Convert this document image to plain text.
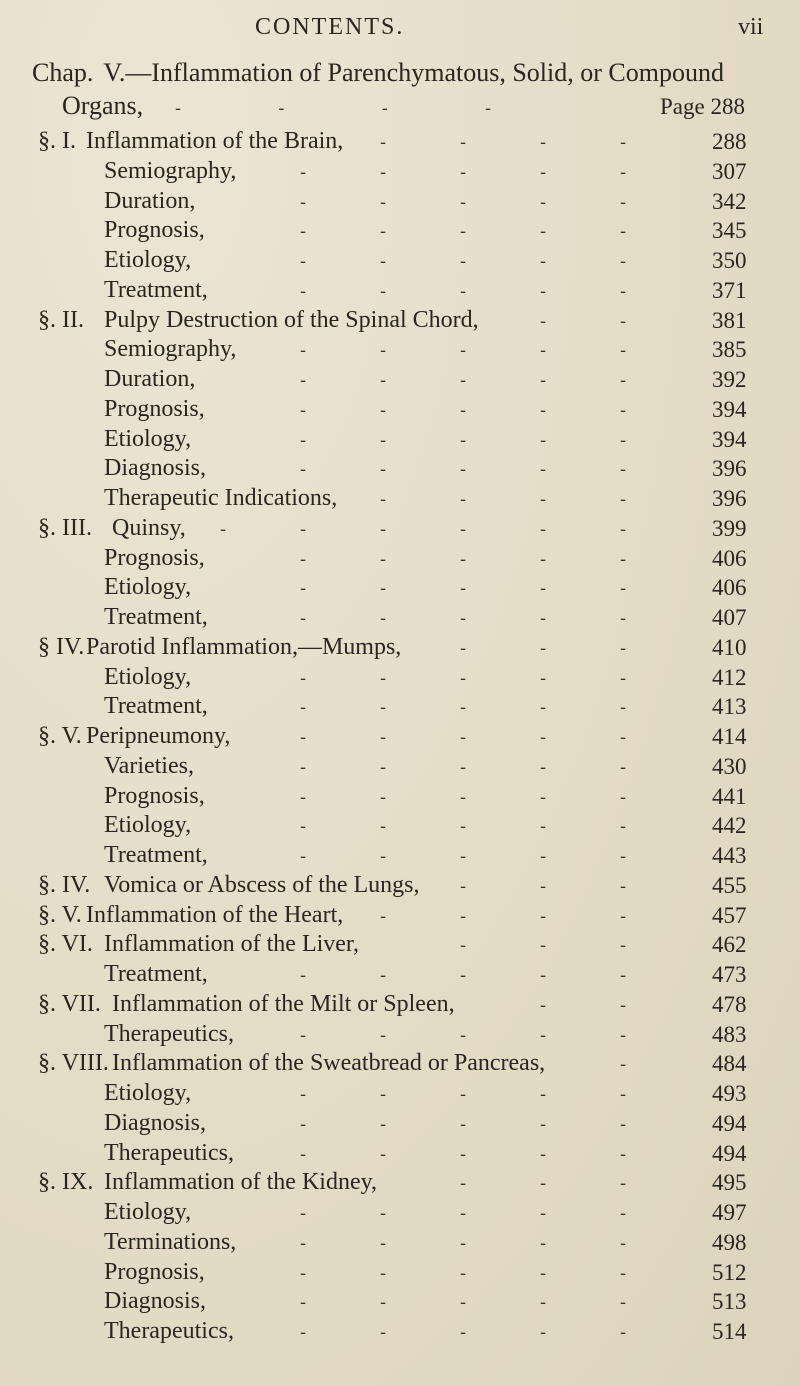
CONTENTS.	vii
Chap. V.—Inflammation of Parenchymatous, Solid, or Compound
Organs, -                 -                 -                 -	Page 288
§. I. Inflammation of the Brain,	288
Semiography,	307
Duration,	342
Prognosis,	345
Etiology,	350
Treatment,	371
§. II. Pulpy Destruction of the Spinal Chord,	381
Semiography,	385
Duration,	392
Prognosis,	394
Etiology,	394
Diagnosis,	396
Therapeutic Indications,	396
§. III. Quinsy,	399
Prognosis,	406
Etiology,	406
Treatment,	407
§ IV. Parotid Inflammation,—Mumps,	410
Etiology,	412
Treatment,	413
§. V. Peripneumony,	414
Varieties,	430
Prognosis,	441
Etiology,	442
Treatment,	443
§. IV. Vomica or Abscess of the Lungs,	455
§. V. Inflammation of the Heart,	457
§. VI. Inflammation of the Liver,	462
Treatment,	473
§. VII. Inflammation of the Milt or Spleen,	478
Therapeutics,	483
§. VIII. Inflammation of the Sweatbread or Pancreas,	484
Etiology,	493
Diagnosis,	494
Therapeutics,	494
§. IX. Inflammation of the Kidney,	495
Etiology,	497
Terminations,	498
Prognosis,	512
Diagnosis,	513
Therapeutics,	514
-	-	-	-
-	-	-	-	-
-	-	-	-	-
-	-	-	-	-
-	-	-	-	-
-	-	-	-	-
-	-
-	-	-	-	-
-	-	-	-	-
-	-	-	-	-
-	-	-	-	-
-	-	-	-	-
-	-	-	-
-	-	-	-	-	-
-	-	-	-	-
-	-	-	-	-
-	-	-	-	-
-	-	-
-	-	-	-	-
-	-	-	-	-
-	-	-	-	-
-	-	-	-	-
-	-	-	-	-
-	-	-	-	-
-	-	-	-	-
-	-	-
-	-	-	-
-	-	-
-	-	-	-	-
-	-
-	-	-	-	-
-
-	-	-	-	-
-	-	-	-	-
-	-	-	-	-
-	-	-
-	-	-	-	-
-	-	-	-	-
-	-	-	-	-
-	-	-	-	-
-	-	-	-	-
